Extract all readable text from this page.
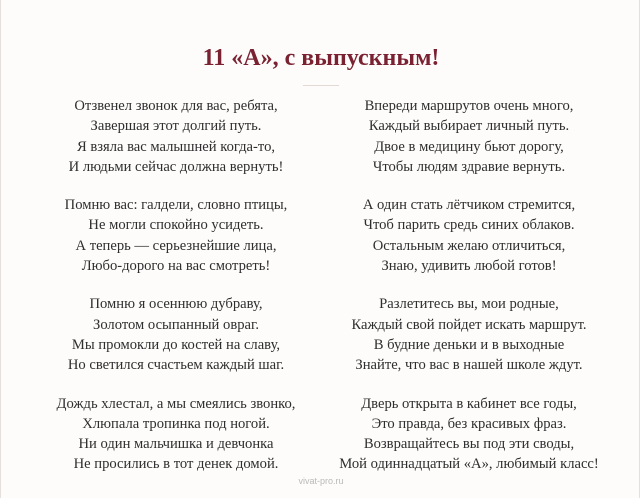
11 «А», с выпускным!
Отзвенел звонок для вас, ребята,
Завершая этот долгий путь.
Я взяла вас малышней когда-то,
И людьми сейчас должна вернуть!
Помню вас: галдели, словно птицы,
Не могли спокойно усидеть.
А теперь — серьезнейшие лица,
Любо-дорого на вас смотреть!
Помню я осеннюю дубраву,
Золотом осыпанный овраг.
Мы промокли до костей на славу,
Но светился счастьем каждый шаг.
Дождь хлестал, а мы смеялись звонко,
Хлюпала тропинка под ногой.
Ни один мальчишка и девчонка
Не просились в тот денек домой.
Впереди маршрутов очень много,
Каждый выбирает личный путь.
Двое в медицину бьют дорогу,
Чтобы людям здравие вернуть.
А один стать лётчиком стремится,
Чтоб парить средь синих облаков.
Остальным желаю отличиться,
Знаю, удивить любой готов!
Разлетитесь вы, мои родные,
Каждый свой пойдет искать маршрут.
В будние деньки и в выходные
Знайте, что вас в нашей школе ждут.
Дверь открыта в кабинет все годы,
Это правда, без красивых фраз.
Возвращайтесь вы под эти своды,
Мой одиннадцатый «А», любимый класс!
vivat-pro.ru
